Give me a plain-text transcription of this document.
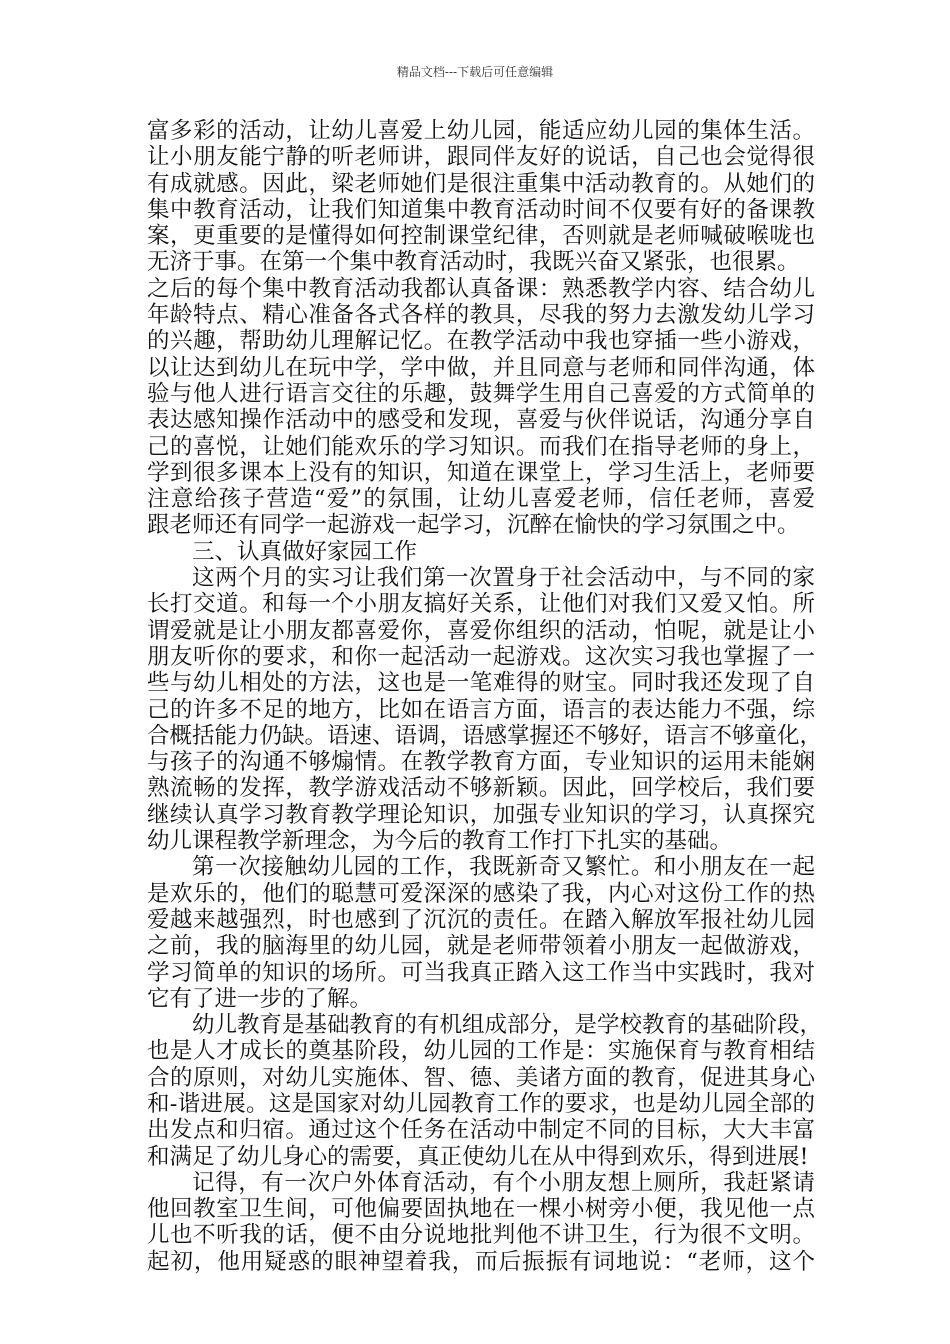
精品文档---下载后可任意编辑
富多彩的活动，让幼儿喜爱上幼儿园，能适应幼儿园的集体生活。
让小朋友能宁静的听老师讲，跟同伴友好的说话，自己也会觉得很
有成就感。因此，梁老师她们是很注重集中活动教育的。从她们的
集中教育活动，让我们知道集中教育活动时间不仅要有好的备课教
案，更重要的是懂得如何控制课堂纪律，否则就是老师喊破喉咙也
无济于事。在第一个集中教育活动时，我既兴奋又紧张，也很累。
之后的每个集中教育活动我都认真备课：熟悉教学内容、结合幼儿
年龄特点、精心准备各式各样的教具，尽我的努力去激发幼儿学习
的兴趣，帮助幼儿理解记忆。在教学活动中我也穿插一些小游戏，
以让达到幼儿在玩中学，学中做，并且同意与老师和同伴沟通，体
验与他人进行语言交往的乐趣，鼓舞学生用自己喜爱的方式简单的
表达感知操作活动中的感受和发现，喜爱与伙伴说话，沟通分享自
己的喜悦，让她们能欢乐的学习知识。而我们在指导老师的身上，
学到很多课本上没有的知识，知道在课堂上，学习生活上，老师要
注意给孩子营造“爱”的氛围，让幼儿喜爱老师，信任老师，喜爱
跟老师还有同学一起游戏一起学习，沉醉在愉快的学习氛围之中。
三、认真做好家园工作
这两个月的实习让我们第一次置身于社会活动中，与不同的家
长打交道。和每一个小朋友搞好关系，让他们对我们又爱又怕。所
谓爱就是让小朋友都喜爱你，喜爱你组织的活动，怕呢，就是让小
朋友听你的要求，和你一起活动一起游戏。这次实习我也掌握了一
些与幼儿相处的方法，这也是一笔难得的财宝。同时我还发现了自
己的许多不足的地方，比如在语言方面，语言的表达能力不强，综
合概括能力仍缺。语速、语调，语感掌握还不够好，语言不够童化，
与孩子的沟通不够煽情。在教学教育方面，专业知识的运用未能娴
熟流畅的发挥，教学游戏活动不够新颖。因此，回学校后，我们要
继续认真学习教育教学理论知识，加强专业知识的学习，认真探究
幼儿课程教学新理念，为今后的教育工作打下扎实的基础。
第一次接触幼儿园的工作，我既新奇又繁忙。和小朋友在一起
是欢乐的，他们的聪慧可爱深深的感染了我，内心对这份工作的热
爱越来越强烈，时也感到了沉沉的责任。在踏入解放军报社幼儿园
之前，我的脑海里的幼儿园，就是老师带领着小朋友一起做游戏，
学习简单的知识的场所。可当我真正踏入这工作当中实践时，我对
它有了进一步的了解。
幼儿教育是基础教育的有机组成部分，是学校教育的基础阶段，
也是人才成长的奠基阶段，幼儿园的工作是：实施保育与教育相结
合的原则，对幼儿实施体、智、德、美诸方面的教育，促进其身心
和-谐进展。这是国家对幼儿园教育工作的要求，也是幼儿园全部的
出发点和归宿。通过这个任务在活动中制定不同的目标，大大丰富
和满足了幼儿身心的需要，真正使幼儿在从中得到欢乐，得到进展!
记得，有一次户外体育活动，有个小朋友想上厕所，我赶紧请
他回教室卫生间，可他偏要固执地在一棵小树旁小便，我见他一点
儿也不听我的话，便不由分说地批判他不讲卫生，行为很不文明。
起初，他用疑惑的眼神望着我，而后振振有词地说：“老师，这个
